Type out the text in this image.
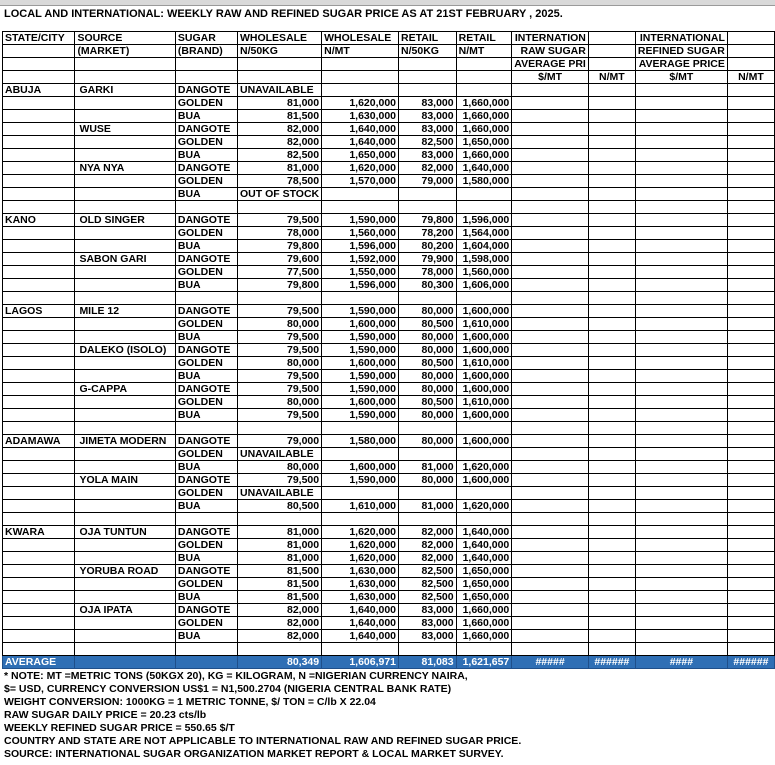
LOCAL AND INTERNATIONAL: WEEKLY RAW AND REFINED SUGAR PRICE AS AT 21ST FEBRUARY , 2025.
STATE/CITY	SOURCE	SUGAR	WHOLESALE	WHOLESALE	RETAIL	RETAIL	INTERNATION		INTERNATIONAL	
	(MARKET)	(BRAND)	N/50KG	N/MT	N/50KG	N/MT	RAW SUGAR		REFINED SUGAR	
							AVERAGE PRI		AVERAGE PRICE	
							$/MT	N/MT	$/MT	N/MT
ABUJA	GARKI	DANGOTE	UNAVAILABLE							
		GOLDEN	81,000	1,620,000	83,000	1,660,000				
		BUA	81,500	1,630,000	83,000	1,660,000				
	WUSE	DANGOTE	82,000	1,640,000	83,000	1,660,000				
		GOLDEN	82,000	1,640,000	82,500	1,650,000				
		BUA	82,500	1,650,000	83,000	1,660,000				
	NYA NYA	DANGOTE	81,000	1,620,000	82,000	1,640,000				
		GOLDEN	78,500	1,570,000	79,000	1,580,000				
		BUA	OUT OF STOCK							

KANO	OLD SINGER	DANGOTE	79,500	1,590,000	79,800	1,596,000				
		GOLDEN	78,000	1,560,000	78,200	1,564,000				
		BUA	79,800	1,596,000	80,200	1,604,000				
	SABON GARI	DANGOTE	79,600	1,592,000	79,900	1,598,000				
		GOLDEN	77,500	1,550,000	78,000	1,560,000				
		BUA	79,800	1,596,000	80,300	1,606,000				

LAGOS	MILE 12	DANGOTE	79,500	1,590,000	80,000	1,600,000				
		GOLDEN	80,000	1,600,000	80,500	1,610,000				
		BUA	79,500	1,590,000	80,000	1,600,000				
	DALEKO (ISOLO)	DANGOTE	79,500	1,590,000	80,000	1,600,000				
		GOLDEN	80,000	1,600,000	80,500	1,610,000				
		BUA	79,500	1,590,000	80,000	1,600,000				
	G-CAPPA	DANGOTE	79,500	1,590,000	80,000	1,600,000				
		GOLDEN	80,000	1,600,000	80,500	1,610,000				
		BUA	79,500	1,590,000	80,000	1,600,000				

ADAMAWA	JIMETA MODERN	DANGOTE	79,000	1,580,000	80,000	1,600,000				
		GOLDEN	UNAVAILABLE							
		BUA	80,000	1,600,000	81,000	1,620,000				
	YOLA MAIN	DANGOTE	79,500	1,590,000	80,000	1,600,000				
		GOLDEN	UNAVAILABLE							
		BUA	80,500	1,610,000	81,000	1,620,000				

KWARA	OJA TUNTUN	DANGOTE	81,000	1,620,000	82,000	1,640,000				
		GOLDEN	81,000	1,620,000	82,000	1,640,000				
		BUA	81,000	1,620,000	82,000	1,640,000				
	YORUBA ROAD	DANGOTE	81,500	1,630,000	82,500	1,650,000				
		GOLDEN	81,500	1,630,000	82,500	1,650,000				
		BUA	81,500	1,630,000	82,500	1,650,000				
	OJA IPATA	DANGOTE	82,000	1,640,000	83,000	1,660,000				
		GOLDEN	82,000	1,640,000	83,000	1,660,000				
		BUA	82,000	1,640,000	83,000	1,660,000				

AVERAGE			80,349	1,606,971	81,083	1,621,657	#####	######	####	######
* NOTE: MT =METRIC TONS (50KGX 20), KG = KILOGRAM, N =NIGERIAN CURRENCY NAIRA,
$= USD, CURRENCY CONVERSION US$1 = N1,500.2704 (NIGERIA CENTRAL BANK RATE)
WEIGHT CONVERSION: 1000KG = 1 METRIC TONNE, $/ TON = C/lb X 22.04
RAW SUGAR DAILY PRICE = 20.23 cts/lb
WEEKLY REFINED SUGAR PRICE = 550.65 $/T
COUNTRY AND STATE ARE NOT APPLICABLE TO INTERNATIONAL RAW AND REFINED SUGAR PRICE.
SOURCE: INTERNATIONAL SUGAR ORGANIZATION MARKET REPORT & LOCAL MARKET SURVEY.
